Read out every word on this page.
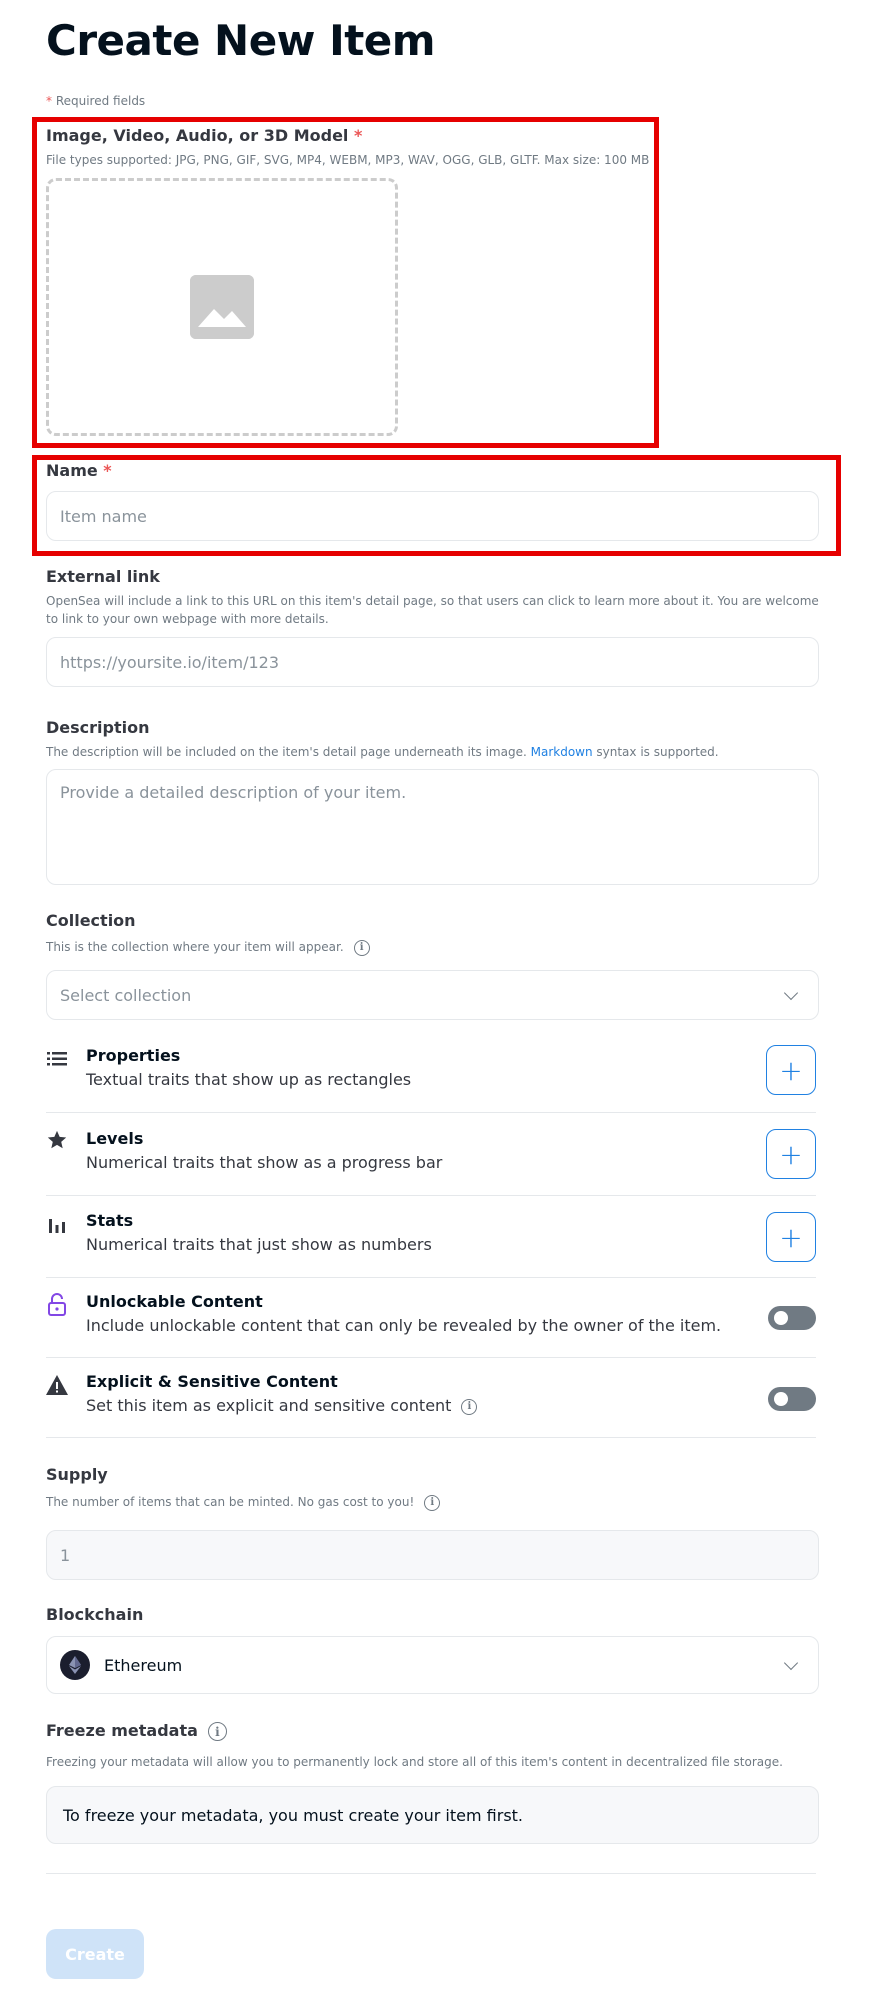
Create New Item
* Required fields
Image, Video, Audio, or 3D Model *
File types supported: JPG, PNG, GIF, SVG, MP4, WEBM, MP3, WAV, OGG, GLB, GLTF. Max size: 100 MB
Name *
Item name
External link
OpenSea will include a link to this URL on this item's detail page, so that users can click to learn more about it. You are welcome to link to your own webpage with more details.
https://yoursite.io/item/123
Description
The description will be included on the item's detail page underneath its image. Markdown syntax is supported.
Provide a detailed description of your item.
Collection
This is the collection where your item will appear. i
Select collection
Properties
Textual traits that show up as rectangles	+
Levels
Numerical traits that show as a progress bar	+
Stats
Numerical traits that just show as numbers	+
Unlockable Content
Include unlockable content that can only be revealed by the owner of the item.
Explicit & Sensitive Content
Set this item as explicit and sensitive content i
Supply
The number of items that can be minted. No gas cost to you! i
1
Blockchain
Ethereum
Freeze metadata i
Freezing your metadata will allow you to permanently lock and store all of this item's content in decentralized file storage.
To freeze your metadata, you must create your item first.
Create
